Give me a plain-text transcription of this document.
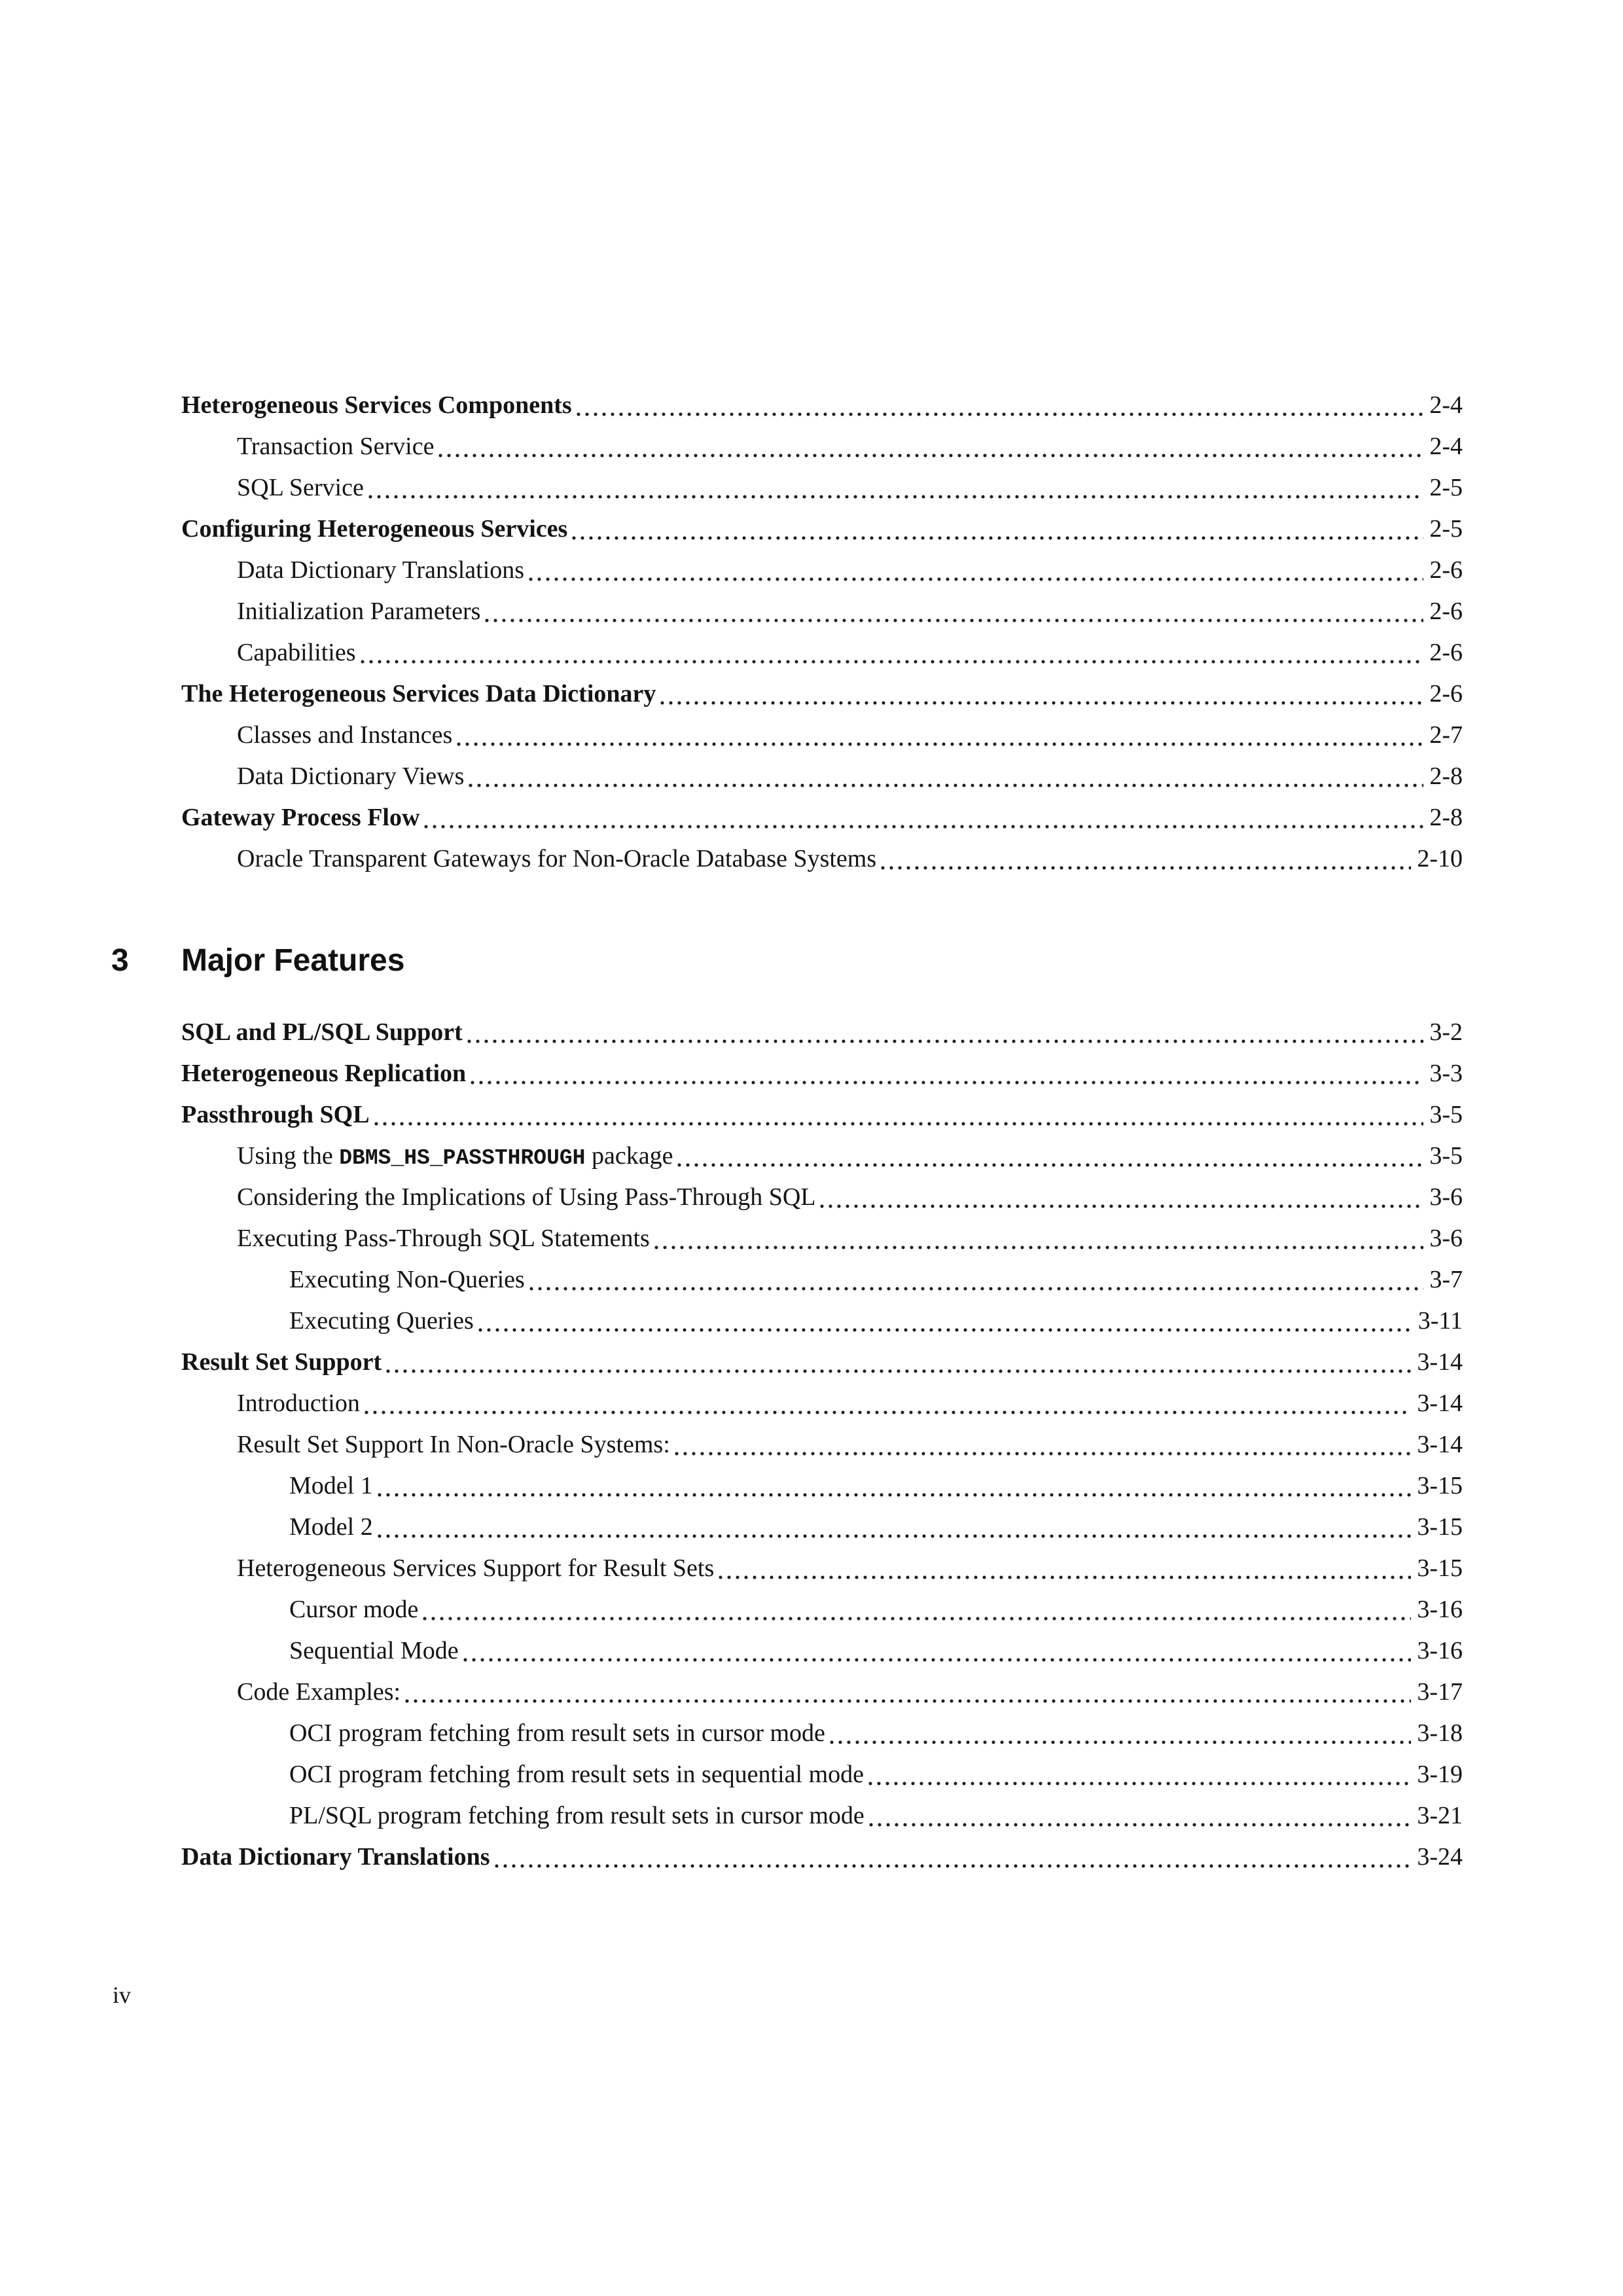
Heterogeneous Services Components	2-4
Transaction Service	2-4
SQL Service	2-5
Configuring Heterogeneous Services	2-5
Data Dictionary Translations	2-6
Initialization Parameters	2-6
Capabilities	2-6
The Heterogeneous Services Data Dictionary	2-6
Classes and Instances	2-7
Data Dictionary Views	2-8
Gateway Process Flow	2-8
Oracle Transparent Gateways for Non-Oracle Database Systems	2-10
3	Major Features
SQL and PL/SQL Support	3-2
Heterogeneous Replication	3-3
Passthrough SQL	3-5
Using the DBMS_HS_PASSTHROUGH package	3-5
Considering the Implications of Using Pass-Through SQL	3-6
Executing Pass-Through SQL Statements	3-6
Executing Non-Queries	3-7
Executing Queries	3-11
Result Set Support	3-14
Introduction	3-14
Result Set Support In Non-Oracle Systems:	3-14
Model 1	3-15
Model 2	3-15
Heterogeneous Services Support for Result Sets	3-15
Cursor mode	3-16
Sequential Mode	3-16
Code Examples:	3-17
OCI program fetching from result sets in cursor mode	3-18
OCI program fetching from result sets in sequential mode	3-19
PL/SQL program fetching from result sets in cursor mode	3-21
Data Dictionary Translations	3-24
iv
